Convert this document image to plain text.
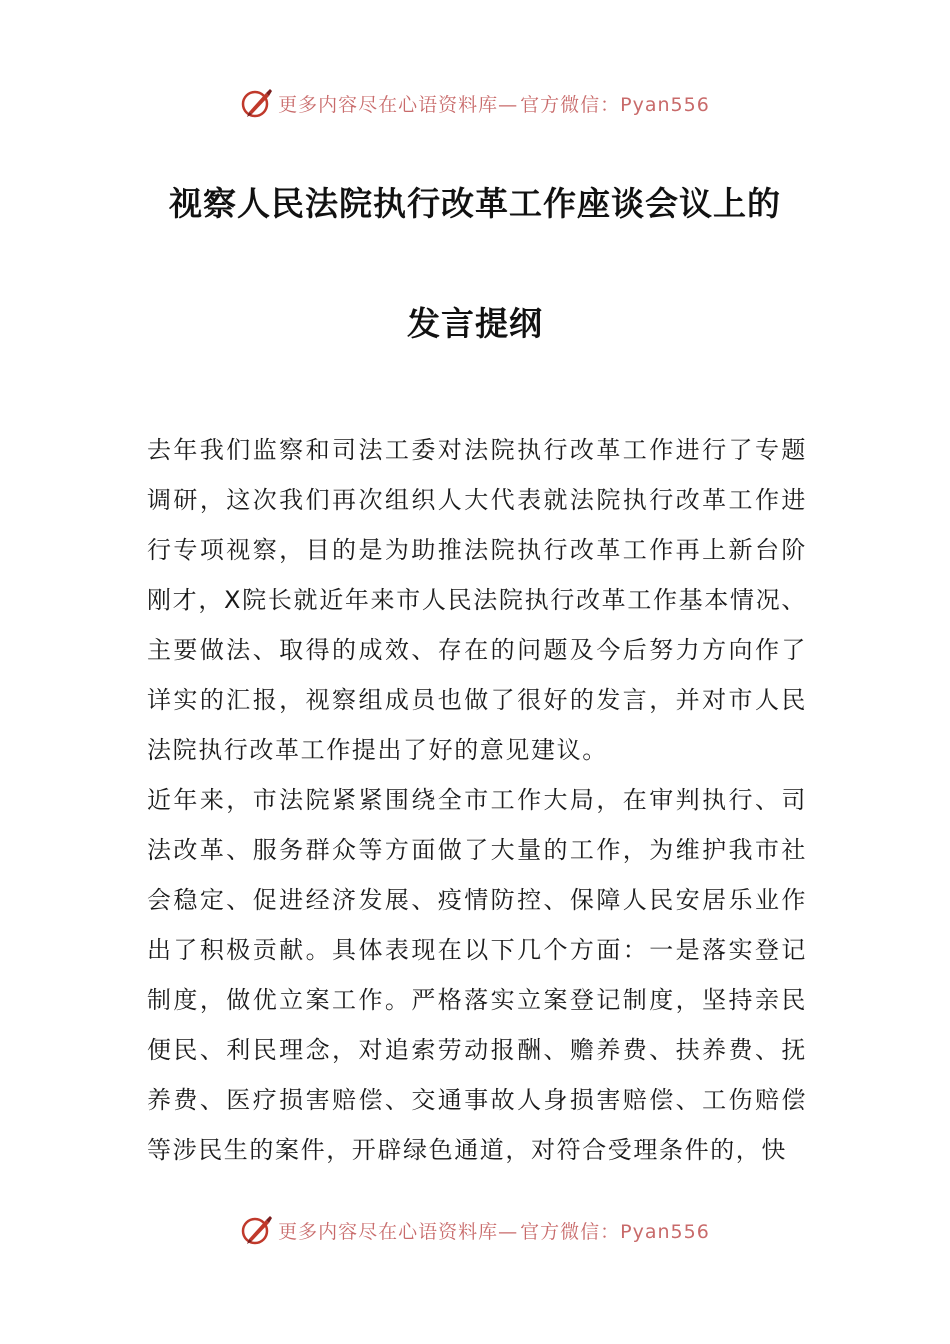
更多内容尽在心语资料库— 官方微信：Pyan556
视察人民法院执行改革工作座谈会议上的
发言提纲

去年我们监察和司法工委对法院执行改革工作进行了专题调研，这次我们再次组织人大代表就法院执行改革工作进行专项视察，目的是为助推法院执行改革工作再上新台阶刚才，X院长就近年来市人民法院执行改革工作基本情况、主要做法、取得的成效、存在的问题及今后努力方向作了详实的汇报，视察组成员也做了很好的发言，并对市人民法院执行改革工作提出了好的意见建议。

近年来，市法院紧紧围绕全市工作大局，在审判执行、司法改革、服务群众等方面做了大量的工作，为维护我市社会稳定、促进经济发展、疫情防控、保障人民安居乐业作出了积极贡献。具体表现在以下几个方面：一是落实登记制度，做优立案工作。严格落实立案登记制度，坚持亲民便民、利民理念，对追索劳动报酬、赡养费、扶养费、抚养费、医疗损害赔偿、交通事故人身损害赔偿、工伤赔偿等涉民生的案件，开辟绿色通道，对符合受理条件的，快

更多内容尽在心语资料库— 官方微信：Pyan556
